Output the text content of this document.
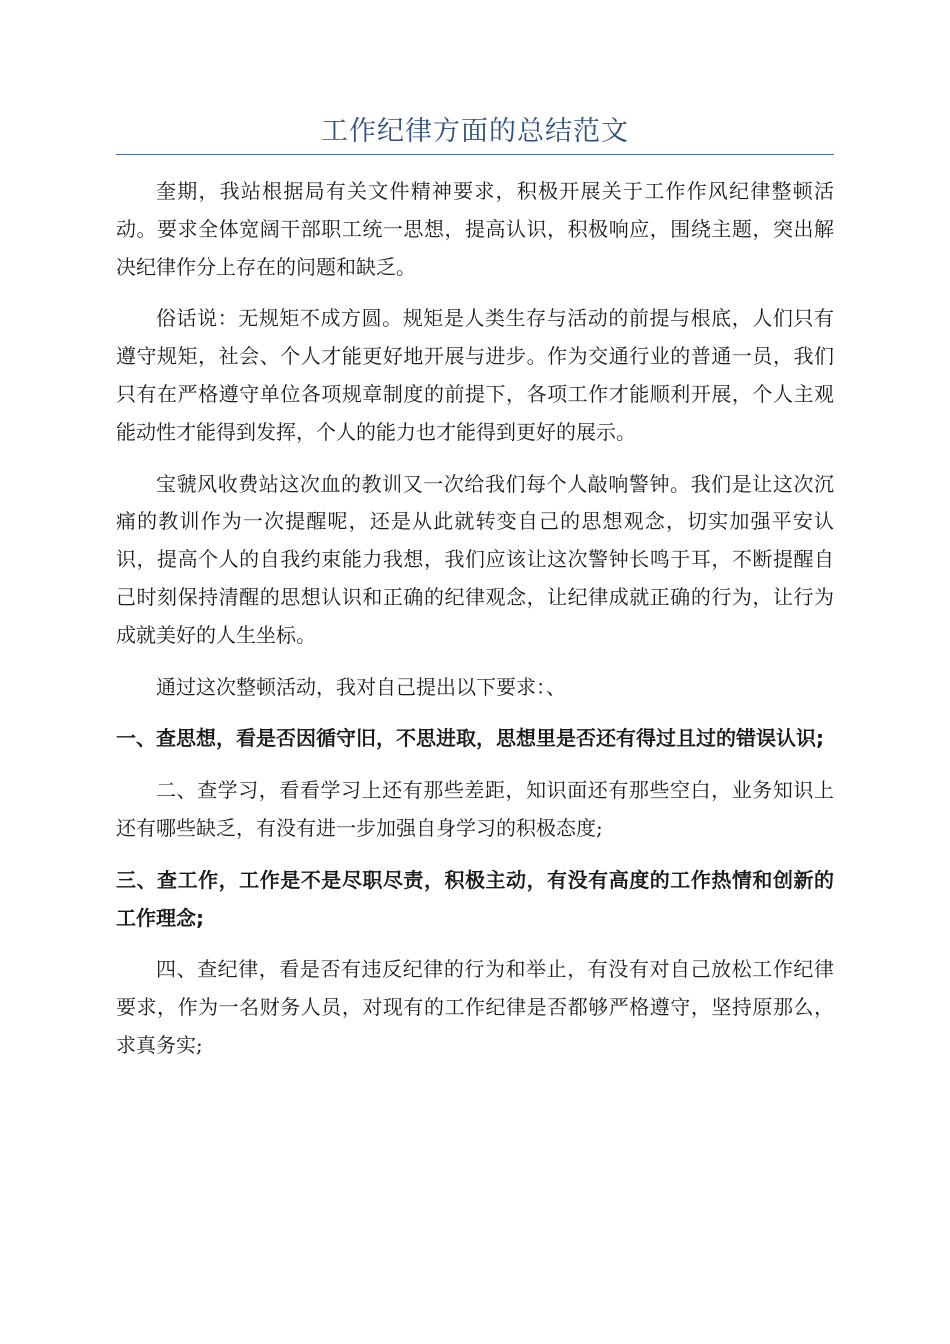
工作纪律方面的总结范文

奎期，我站根据局有关文件精神要求，积极开展关于工作作风纪律整顿活动。要求全体宽阔干部职工统一思想，提高认识，积极响应，围绕主题，突出解决纪律作分上存在的问题和缺乏。

俗话说：无规矩不成方圆。规矩是人类生存与活动的前提与根底，人们只有遵守规矩，社会、个人才能更好地开展与进步。作为交通行业的普通一员，我们只有在严格遵守单位各项规章制度的前提下，各项工作才能顺利开展，个人主观能动性才能得到发挥，个人的能力也才能得到更好的展示。

宝虢风收费站这次血的教训又一次给我们每个人敲响警钟。我们是让这次沉痛的教训作为一次提醒呢，还是从此就转变自己的思想观念，切实加强平安认识，提高个人的自我约束能力我想，我们应该让这次警钟长鸣于耳，不断提醒自己时刻保持清醒的思想认识和正确的纪律观念，让纪律成就正确的行为，让行为成就美好的人生坐标。

通过这次整顿活动，我对自己提出以下要求：、

一、查思想，看是否因循守旧，不思进取，思想里是否还有得过且过的错误认识;

二、查学习，看看学习上还有那些差距，知识面还有那些空白，业务知识上还有哪些缺乏，有没有进一步加强自身学习的积极态度;

三、查工作，工作是不是尽职尽责，积极主动，有没有高度的工作热情和创新的工作理念;

四、查纪律，看是否有违反纪律的行为和举止，有没有对自己放松工作纪律要求，作为一名财务人员，对现有的工作纪律是否都够严格遵守，坚持原那么，求真务实;
